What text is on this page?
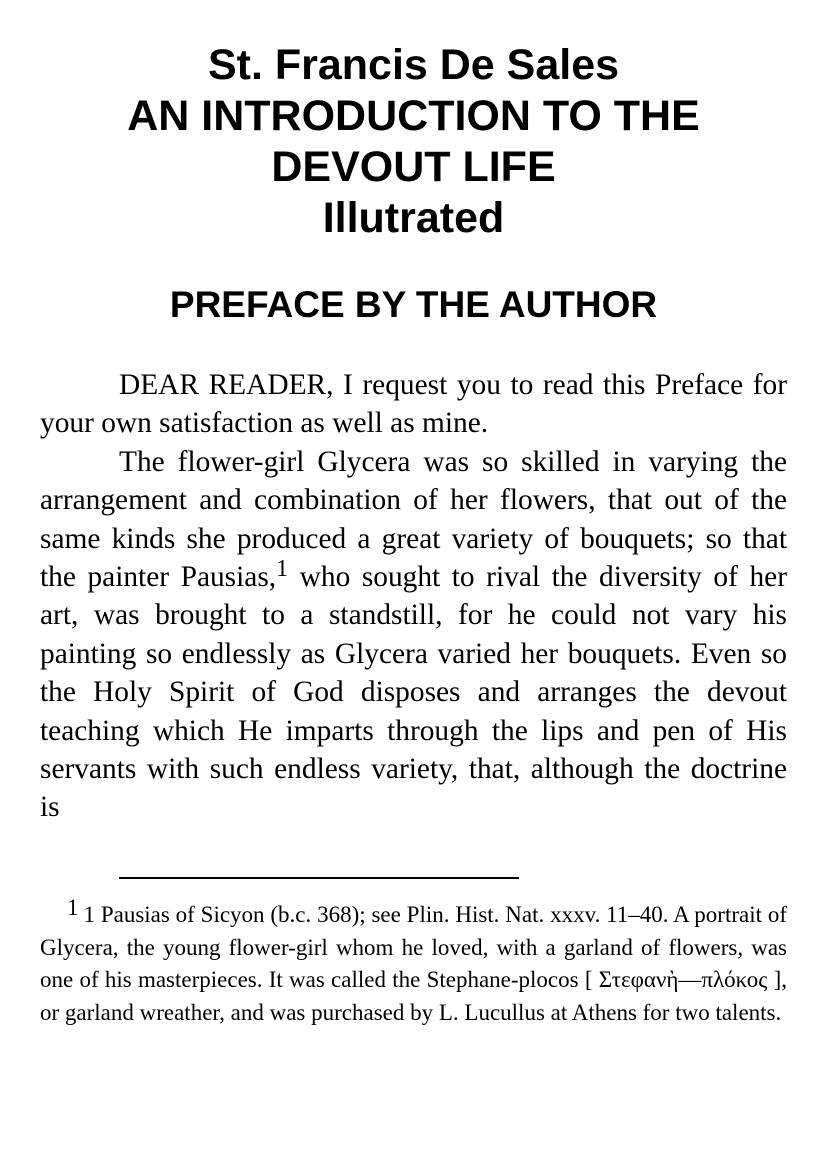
St. Francis De Sales
AN INTRODUCTION TO THE
DEVOUT LIFE
Illutrated
PREFACE BY THE AUTHOR

DEAR READER, I request you to read this Preface for your own satisfaction as well as mine.

The flower-girl Glycera was so skilled in varying the arrangement and combination of her flowers, that out of the same kinds she produced a great variety of bouquets; so that the painter Pausias,$^1$ who sought to rival the diversity of her art, was brought to a standstill, for he could not vary his painting so endlessly as Glycera varied her bouquets. Even so the Holy Spirit of God disposes and arranges the devout teaching which He imparts through the lips and pen of His servants with such endless variety, that, although the doctrine is

1 1 Pausias of Sicyon (b.c. 368); see Plin. Hist. Nat. xxxv. 11–40. A portrait of Glycera, the young flower-girl whom he loved, with a garland of flowers, was one of his masterpieces. It was called the Stephane-plocos [ Στεφανὴ—πλόκος ], or garland wreather, and was purchased by L. Lucullus at Athens for two talents.
